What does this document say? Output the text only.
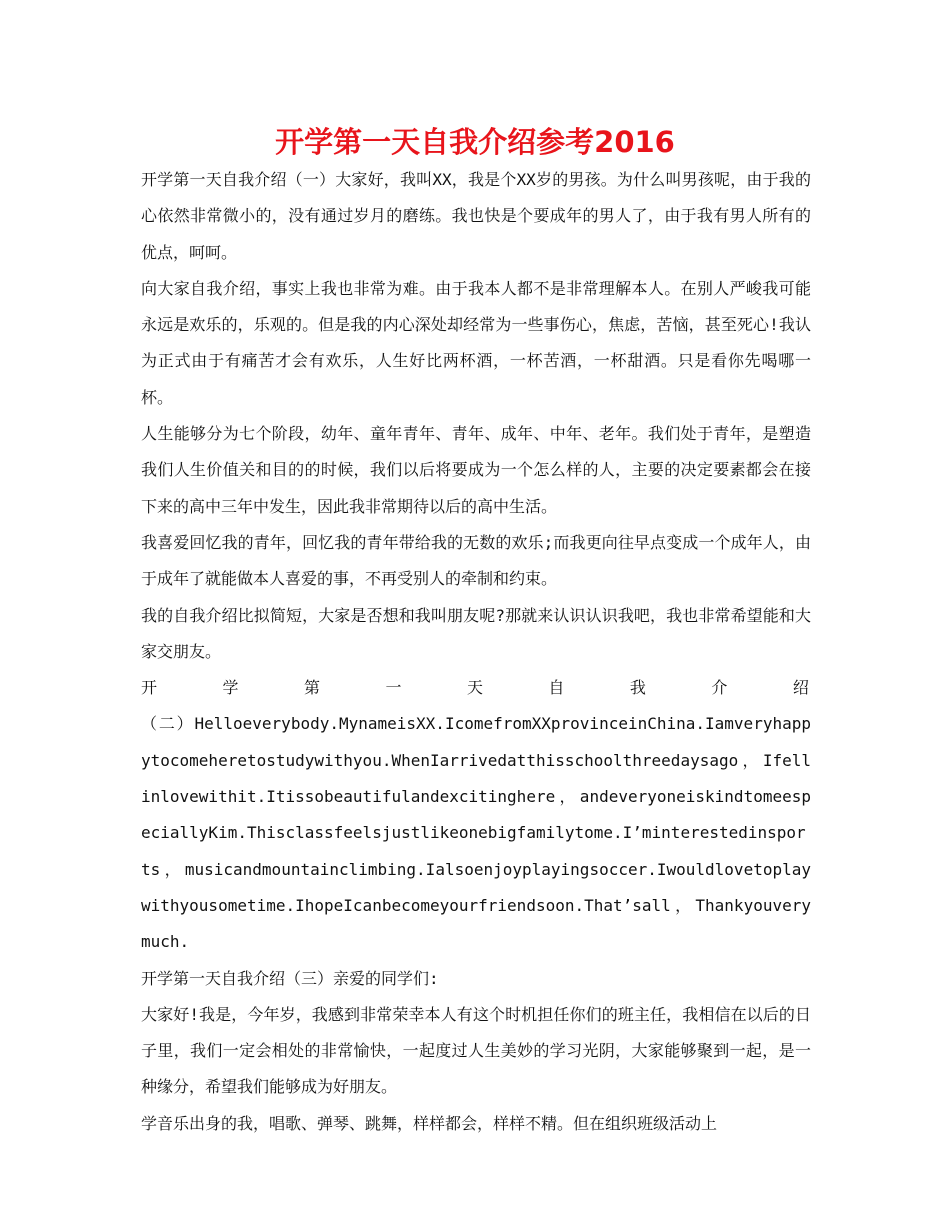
开学第一天自我介绍参考2016

开学第一天自我介绍（一）大家好，我叫XX，我是个XX岁的男孩。为什么叫男孩呢，由于我的心依然非常微小的，没有通过岁月的磨练。我也快是个要成年的男人了，由于我有男人所有的优点，呵呵。

向大家自我介绍，事实上我也非常为难。由于我本人都不是非常理解本人。在别人严峻我可能永远是欢乐的，乐观的。但是我的内心深处却经常为一些事伤心，焦虑，苦恼，甚至死心!我认为正式由于有痛苦才会有欢乐，人生好比两杯酒，一杯苦酒，一杯甜酒。只是看你先喝哪一杯。

人生能够分为七个阶段，幼年、童年青年、青年、成年、中年、老年。我们处于青年，是塑造我们人生价值关和目的的时候，我们以后将要成为一个怎么样的人，主要的决定要素都会在接下来的高中三年中发生，因此我非常期待以后的高中生活。

我喜爱回忆我的青年，回忆我的青年带给我的无数的欢乐;而我更向往早点变成一个成年人，由于成年了就能做本人喜爱的事，不再受别人的牵制和约束。

我的自我介绍比拟简短，大家是否想和我叫朋友呢?那就来认识认识我吧，我也非常希望能和大家交朋友。

开	学	第	一	天	自	我	介	绍

（二）Helloeverybody.MynameisXX.IcomefromXXprovinceinChina.Iamveryhappytocomeheretostudywithyou.WhenIarrivedatthisschoolthreedaysago，Ifellinlovewithit.Itissobeautifulandexcitinghere，andeveryoneiskindtomeespeciallyKim.Thisclassfeelsjustlikeonebigfamilytome.I’minterestedinsports，musicandmountainclimbing.Ialsoenjoyplayingsoccer.Iwouldlovetoplaywithyousometime.IhopeIcanbecomeyourfriendsoon.That’sall，Thankyouverymuch.

开学第一天自我介绍（三）亲爱的同学们:

大家好!我是，今年岁，我感到非常荣幸本人有这个时机担任你们的班主任，我相信在以后的日子里，我们一定会相处的非常愉快，一起度过人生美妙的学习光阴，大家能够聚到一起，是一种缘分，希望我们能够成为好朋友。

学音乐出身的我，唱歌、弹琴、跳舞，样样都会，样样不精。但在组织班级活动上
